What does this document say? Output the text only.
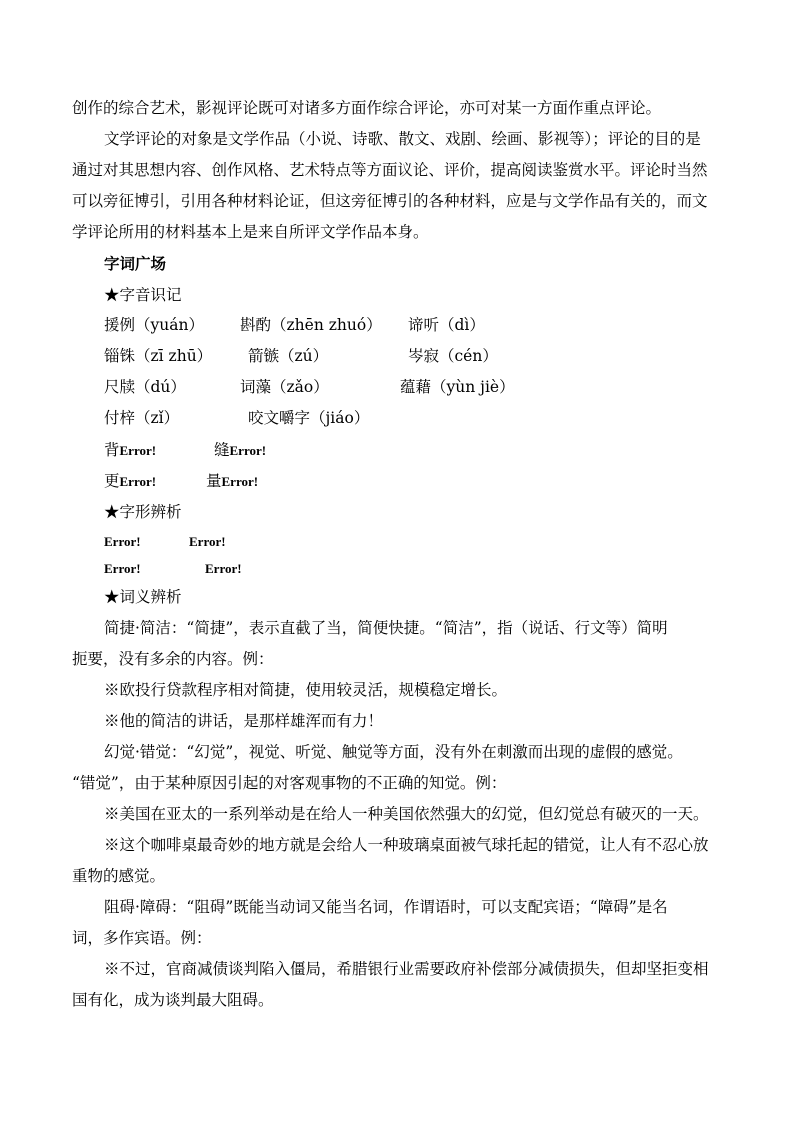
创作的综合艺术，影视评论既可对诸多方面作综合评论，亦可对某一方面作重点评论。
文学评论的对象是文学作品（小说、诗歌、散文、戏剧、绘画、影视等）；评论的目的是
通过对其思想内容、创作风格、艺术特点等方面议论、评价，提高阅读鉴赏水平。评论时当然
可以旁征博引，引用各种材料论证，但这旁征博引的各种材料，应是与文学作品有关的，而文
学评论所用的材料基本上是来自所评文学作品本身。
字词广场
★字音识记
援例（yuán） 斟酌（zhēn zhuó） 谛听（dì）
锱铢（zī zhū） 箭镞（zú）	岑寂（cén）
尺牍（dú）	词藻（zǎo）	蕴藉（yùn jiè）
付梓（zǐ）	咬文嚼字（jiáo）
背Error!	缝Error!
更Error!	量Error!
★字形辨析
Error!	Error!
Error!	Error!
★词义辨析
简捷·简洁：“简捷”，表示直截了当，简便快捷。“简洁”，指（说话、行文等）简明
扼要，没有多余的内容。例：
※欧投行贷款程序相对简捷，使用较灵活，规模稳定增长。
※他的简洁的讲话，是那样雄浑而有力！
幻觉·错觉：“幻觉”，视觉、听觉、触觉等方面，没有外在刺激而出现的虚假的感觉。
“错觉”，由于某种原因引起的对客观事物的不正确的知觉。例：
※美国在亚太的一系列举动是在给人一种美国依然强大的幻觉，但幻觉总有破灭的一天。
※这个咖啡桌最奇妙的地方就是会给人一种玻璃桌面被气球托起的错觉，让人有不忍心放
重物的感觉。
阻碍·障碍：“阻碍”既能当动词又能当名词，作谓语时，可以支配宾语；“障碍”是名
词，多作宾语。例：
※不过，官商减债谈判陷入僵局，希腊银行业需要政府补偿部分减债损失，但却坚拒变相
国有化，成为谈判最大阻碍。
